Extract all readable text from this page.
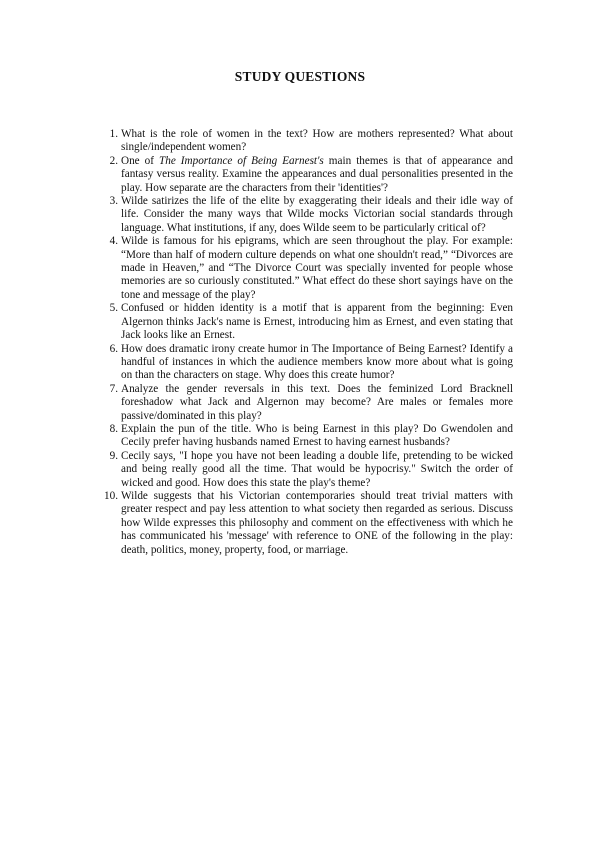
STUDY QUESTIONS
1. What is the role of women in the text? How are mothers represented? What about single/independent women?
2. One of The Importance of Being Earnest's main themes is that of appearance and fantasy versus reality. Examine the appearances and dual personalities presented in the play. How separate are the characters from their 'identities'?
3. Wilde satirizes the life of the elite by exaggerating their ideals and their idle way of life. Consider the many ways that Wilde mocks Victorian social standards through language. What institutions, if any, does Wilde seem to be particularly critical of?
4. Wilde is famous for his epigrams, which are seen throughout the play. For example: “More than half of modern culture depends on what one shouldn't read,” “Divorces are made in Heaven,” and “The Divorce Court was specially invented for people whose memories are so curiously constituted.” What effect do these short sayings have on the tone and message of the play?
5. Confused or hidden identity is a motif that is apparent from the beginning: Even Algernon thinks Jack's name is Ernest, introducing him as Ernest, and even stating that Jack looks like an Ernest.
6. How does dramatic irony create humor in The Importance of Being Earnest? Identify a handful of instances in which the audience members know more about what is going on than the characters on stage. Why does this create humor?
7. Analyze the gender reversals in this text. Does the feminized Lord Bracknell foreshadow what Jack and Algernon may become? Are males or females more passive/dominated in this play?
8. Explain the pun of the title. Who is being Earnest in this play? Do Gwendolen and Cecily prefer having husbands named Ernest to having earnest husbands?
9. Cecily says, "I hope you have not been leading a double life, pretending to be wicked and being really good all the time. That would be hypocrisy." Switch the order of wicked and good. How does this state the play's theme?
10. Wilde suggests that his Victorian contemporaries should treat trivial matters with greater respect and pay less attention to what society then regarded as serious. Discuss how Wilde expresses this philosophy and comment on the effectiveness with which he has communicated his 'message' with reference to ONE of the following in the play: death, politics, money, property, food, or marriage.
